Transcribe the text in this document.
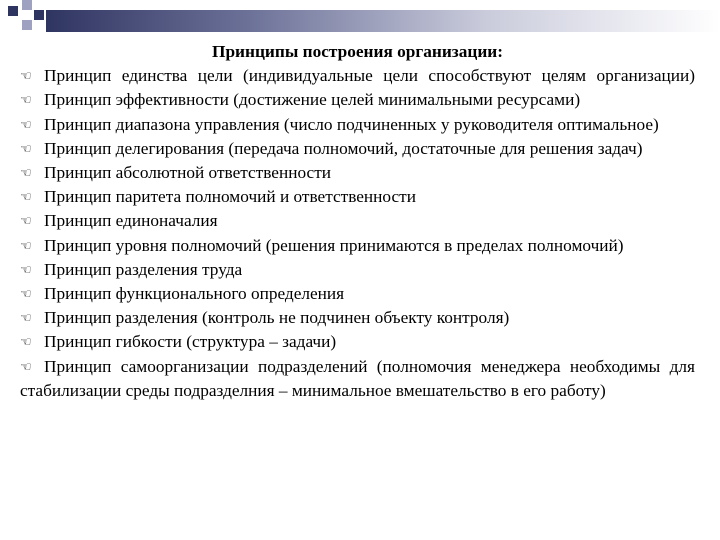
Принципы построения организации:

☜ Принцип единства цели (индивидуальные цели способствуют целям организации)

☜ Принцип эффективности (достижение целей минимальными ресурсами)

☜ Принцип диапазона управления (число подчиненных у руководителя оптимальное)

☜ Принцип делегирования (передача полномочий, достаточные для решения задач)

☜ Принцип абсолютной ответственности

☜ Принцип паритета полномочий и ответственности

☜ Принцип единоначалия

☜ Принцип уровня полномочий (решения принимаются в пределах полномочий)

☜ Принцип разделения труда

☜ Принцип функционального определения

☜ Принцип разделения (контроль не подчинен объекту контроля)

☜ Принцип гибкости (структура – задачи)

☜ Принцип самоорганизации подразделений (полномочия менеджера необходимы для стабилизации среды подразделния – минимальное вмешательство в его работу)
